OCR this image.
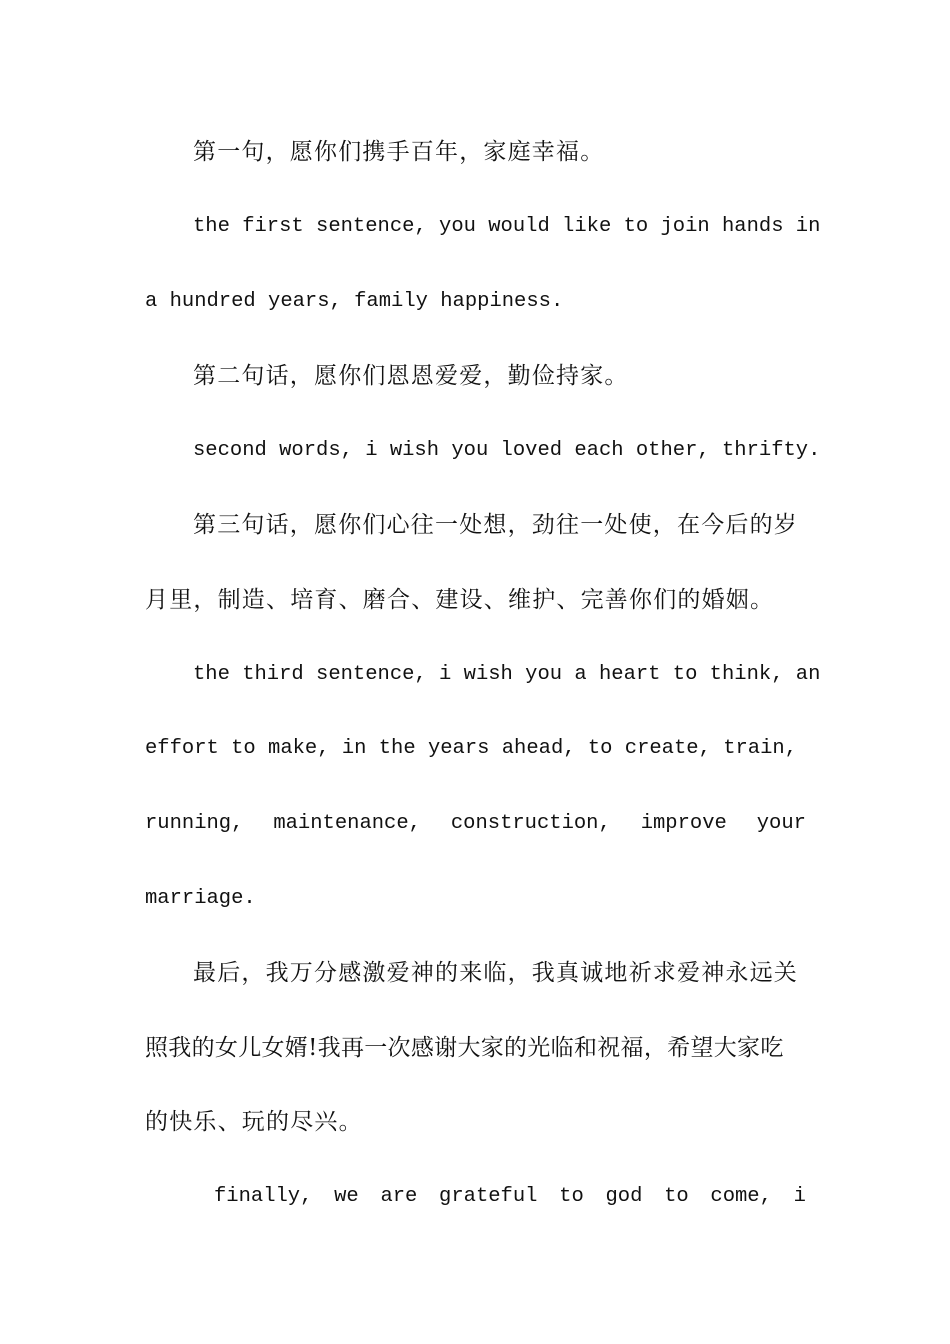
第一句，愿你们携手百年，家庭幸福。

the first sentence, you would like to join hands in

a hundred years, family happiness.

第二句话，愿你们恩恩爱爱，勤俭持家。

second words, i wish you loved each other, thrifty.

第三句话，愿你们心往一处想，劲往一处使，在今后的岁

月里，制造、培育、磨合、建设、维护、完善你们的婚姻。

the third sentence, i wish you a heart to think, an

effort to make, in the years ahead, to create, train,

running, maintenance, construction, improve your

marriage.

最后，我万分感激爱神的来临，我真诚地祈求爱神永远关

照我的女儿女婿!我再一次感谢大家的光临和祝福，希望大家吃

的快乐、玩的尽兴。

finally, we are grateful to god to come, i
